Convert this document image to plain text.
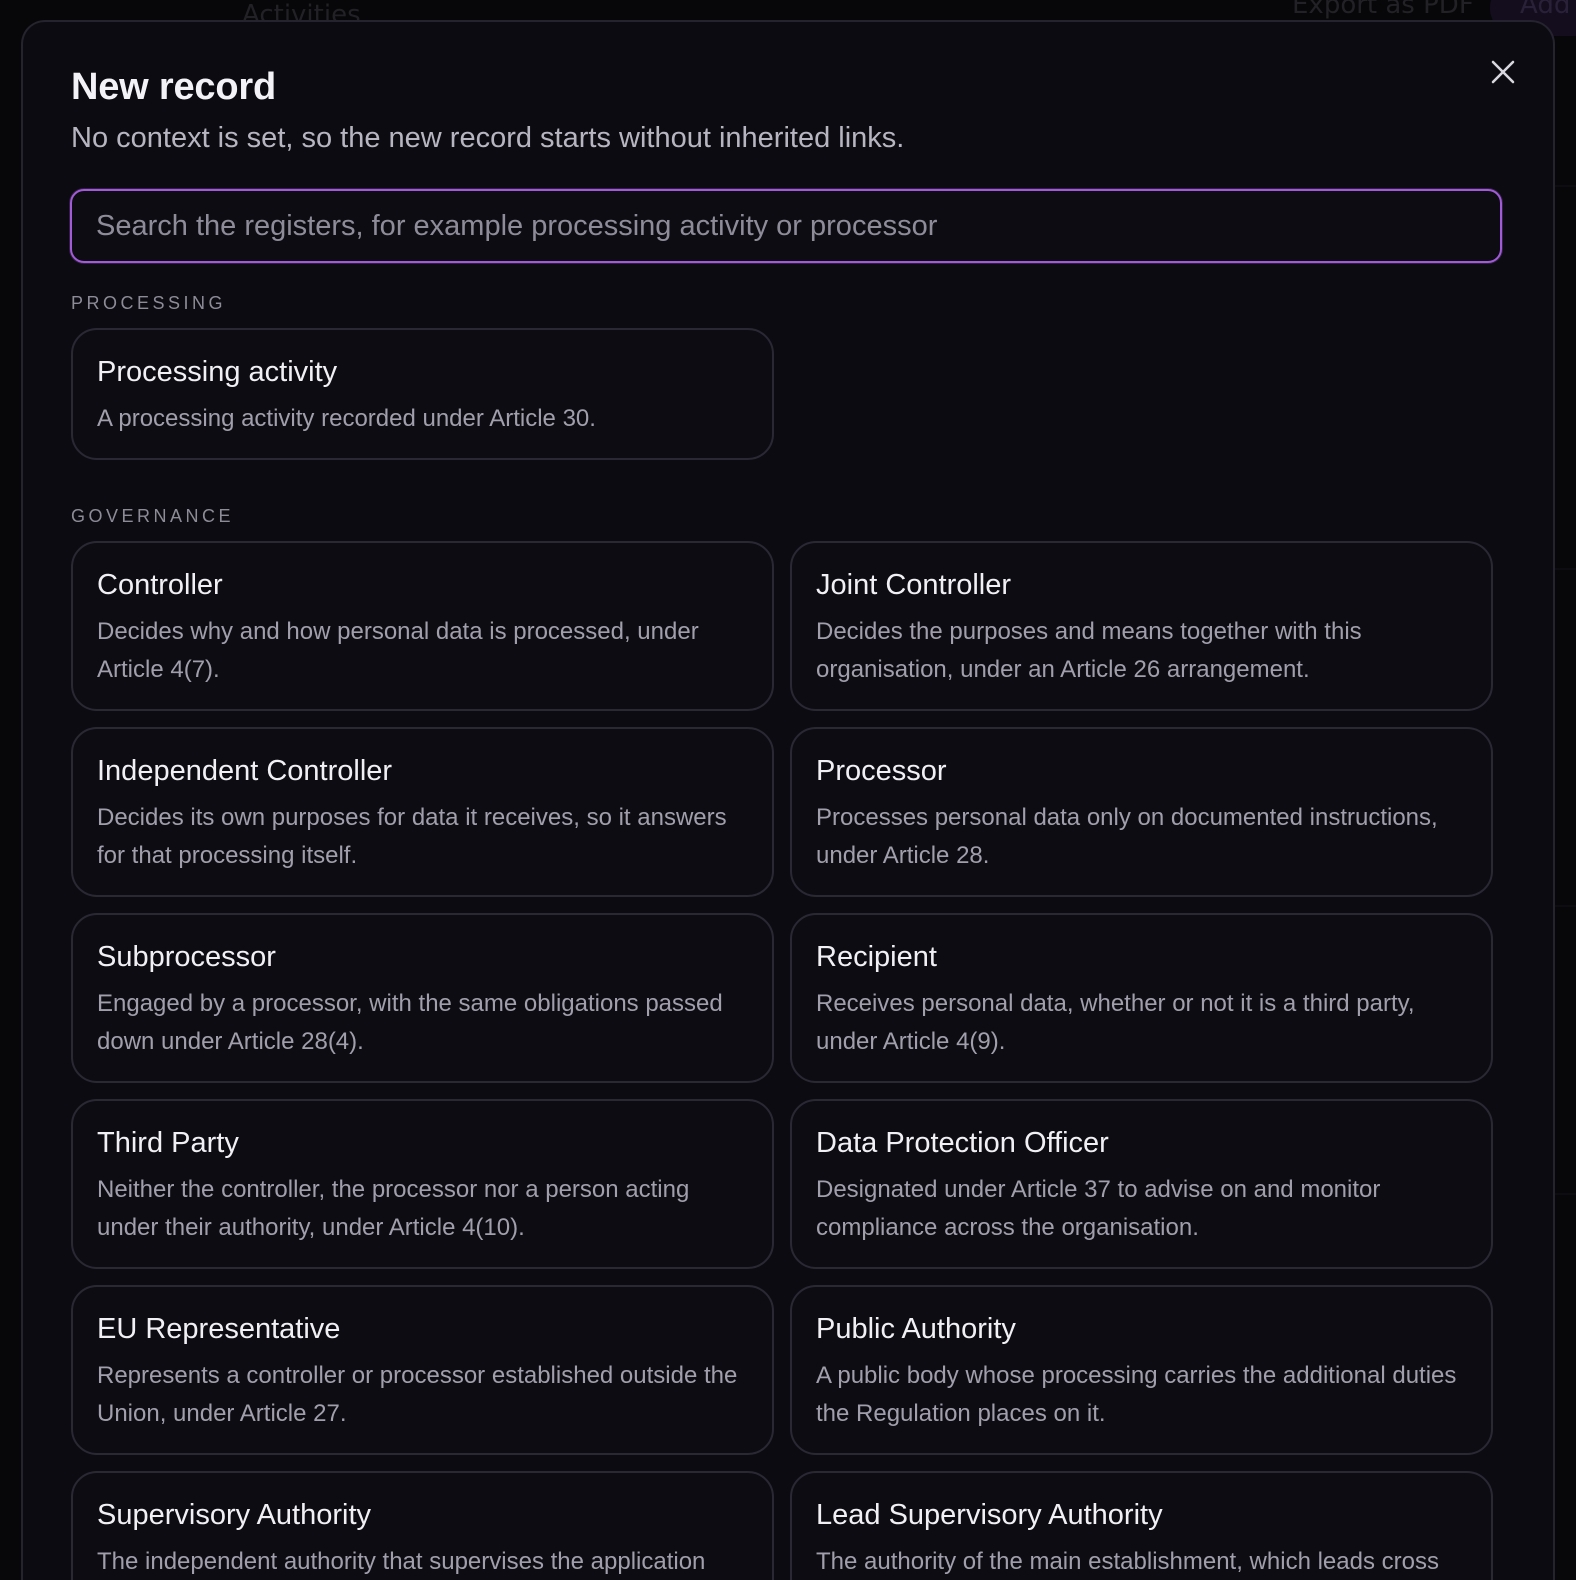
New record

No context is set, so the new record starts without inherited links.

Search the registers, for example processing activity or processor

PROCESSING

Processing activity
A processing activity recorded under Article 30.

GOVERNANCE

Controller
Decides why and how personal data is processed, under Article 4(7).
Joint Controller
Decides the purposes and means together with this organisation, under an Article 26 arrangement.
Independent Controller
Decides its own purposes for data it receives, so it answers for that processing itself.
Processor
Processes personal data only on documented instructions, under Article 28.
Subprocessor
Engaged by a processor, with the same obligations passed down under Article 28(4).
Recipient
Receives personal data, whether or not it is a third party, under Article 4(9).
Third Party
Neither the controller, the processor nor a person acting under their authority, under Article 4(10).
Data Protection Officer
Designated under Article 37 to advise on and monitor compliance across the organisation.
EU Representative
Represents a controller or processor established outside the Union, under Article 27.
Public Authority
A public body whose processing carries the additional duties the Regulation places on it.
Supervisory Authority
The independent authority that supervises the application
Lead Supervisory Authority
The authority of the main establishment, which leads cross
